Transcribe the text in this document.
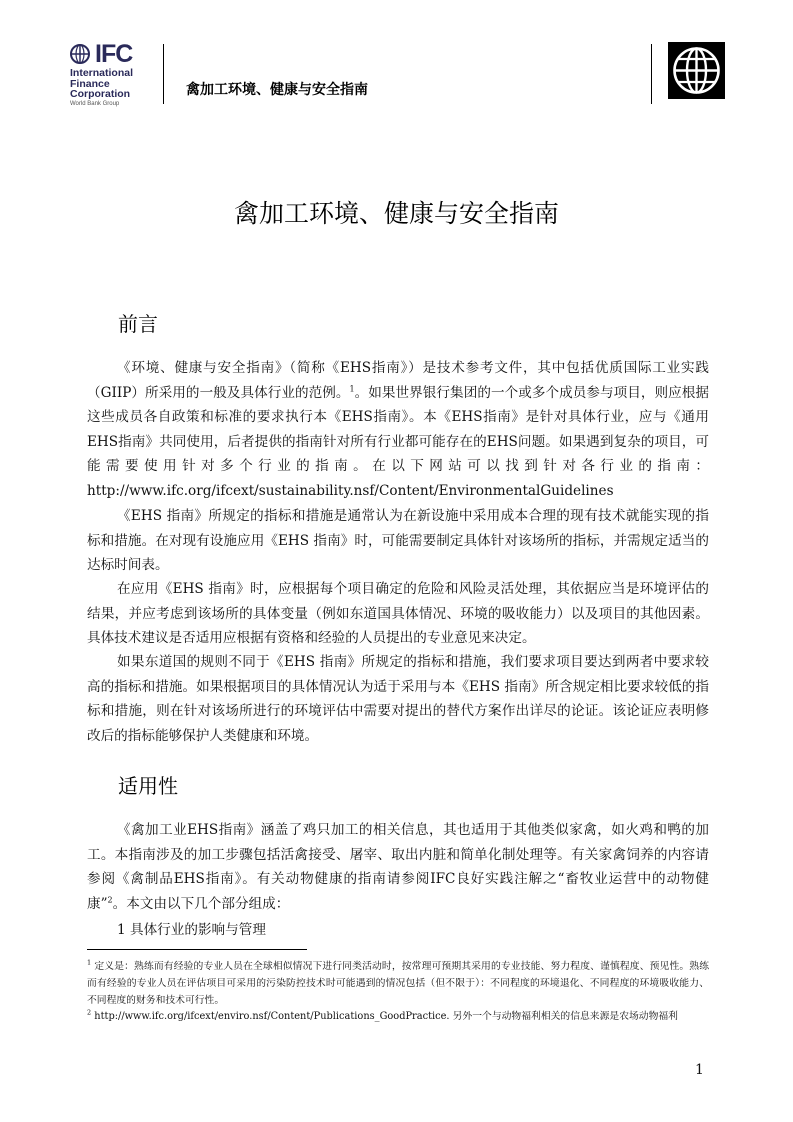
IFC
International
Finance
Corporation
World Bank Group
禽加工环境、健康与安全指南
禽加工环境、健康与安全指南
前言

《环境、健康与安全指南》（简称《EHS指南》）是技术参考文件，其中包括优质国际工业实践（GIIP）所采用的一般及具体行业的范例。$^1$。如果世界银行集团的一个或多个成员参与项目，则应根据这些成员各自政策和标准的要求执行本《EHS指南》。本《EHS指南》是针对具体行业，应与《通用EHS指南》共同使用，后者提供的指南针对所有行业都可能存在的EHS问题。如果遇到复杂的项目，可能需要使用针对多个行业的指南。在以下网站可以找到针对各行业的指南：http://www.ifc.org/ifcext/sustainability.nsf/Content/EnvironmentalGuidelines

《EHS 指南》所规定的指标和措施是通常认为在新设施中采用成本合理的现有技术就能实现的指标和措施。在对现有设施应用《EHS 指南》时，可能需要制定具体针对该场所的指标，并需规定适当的达标时间表。

在应用《EHS 指南》时，应根据每个项目确定的危险和风险灵活处理，其依据应当是环境评估的结果，并应考虑到该场所的具体变量（例如东道国具体情况、环境的吸收能力）以及项目的其他因素。具体技术建议是否适用应根据有资格和经验的人员提出的专业意见来决定。

如果东道国的规则不同于《EHS 指南》所规定的指标和措施，我们要求项目要达到两者中要求较高的指标和措施。如果根据项目的具体情况认为适于采用与本《EHS 指南》所含规定相比要求较低的指标和措施，则在针对该场所进行的环境评估中需要对提出的替代方案作出详尽的论证。该论证应表明修改后的指标能够保护人类健康和环境。

适用性

《禽加工业EHS指南》涵盖了鸡只加工的相关信息，其也适用于其他类似家禽，如火鸡和鸭的加工。本指南涉及的加工步骤包括活禽接受、屠宰、取出内脏和简单化制处理等。有关家禽饲养的内容请参阅《禽制品EHS指南》。有关动物健康的指南请参阅IFC良好实践注解之“畜牧业运营中的动物健康”$^2$。本文由以下几个部分组成：

1 具体行业的影响与管理

$^1$ 定义是：熟练而有经验的专业人员在全球相似情况下进行同类活动时，按常理可预期其采用的专业技能、努力程度、谨慎程度、预见性。熟练而有经验的专业人员在评估项目可采用的污染防控技术时可能遇到的情况包括（但不限于）：不同程度的环境退化、不同程度的环境吸收能力、不同程度的财务和技术可行性。

$^2$ http://www.ifc.org/ifcext/enviro.nsf/Content/Publications_GoodPractice. 另外一个与动物福利相关的信息来源是农场动物福利

1
